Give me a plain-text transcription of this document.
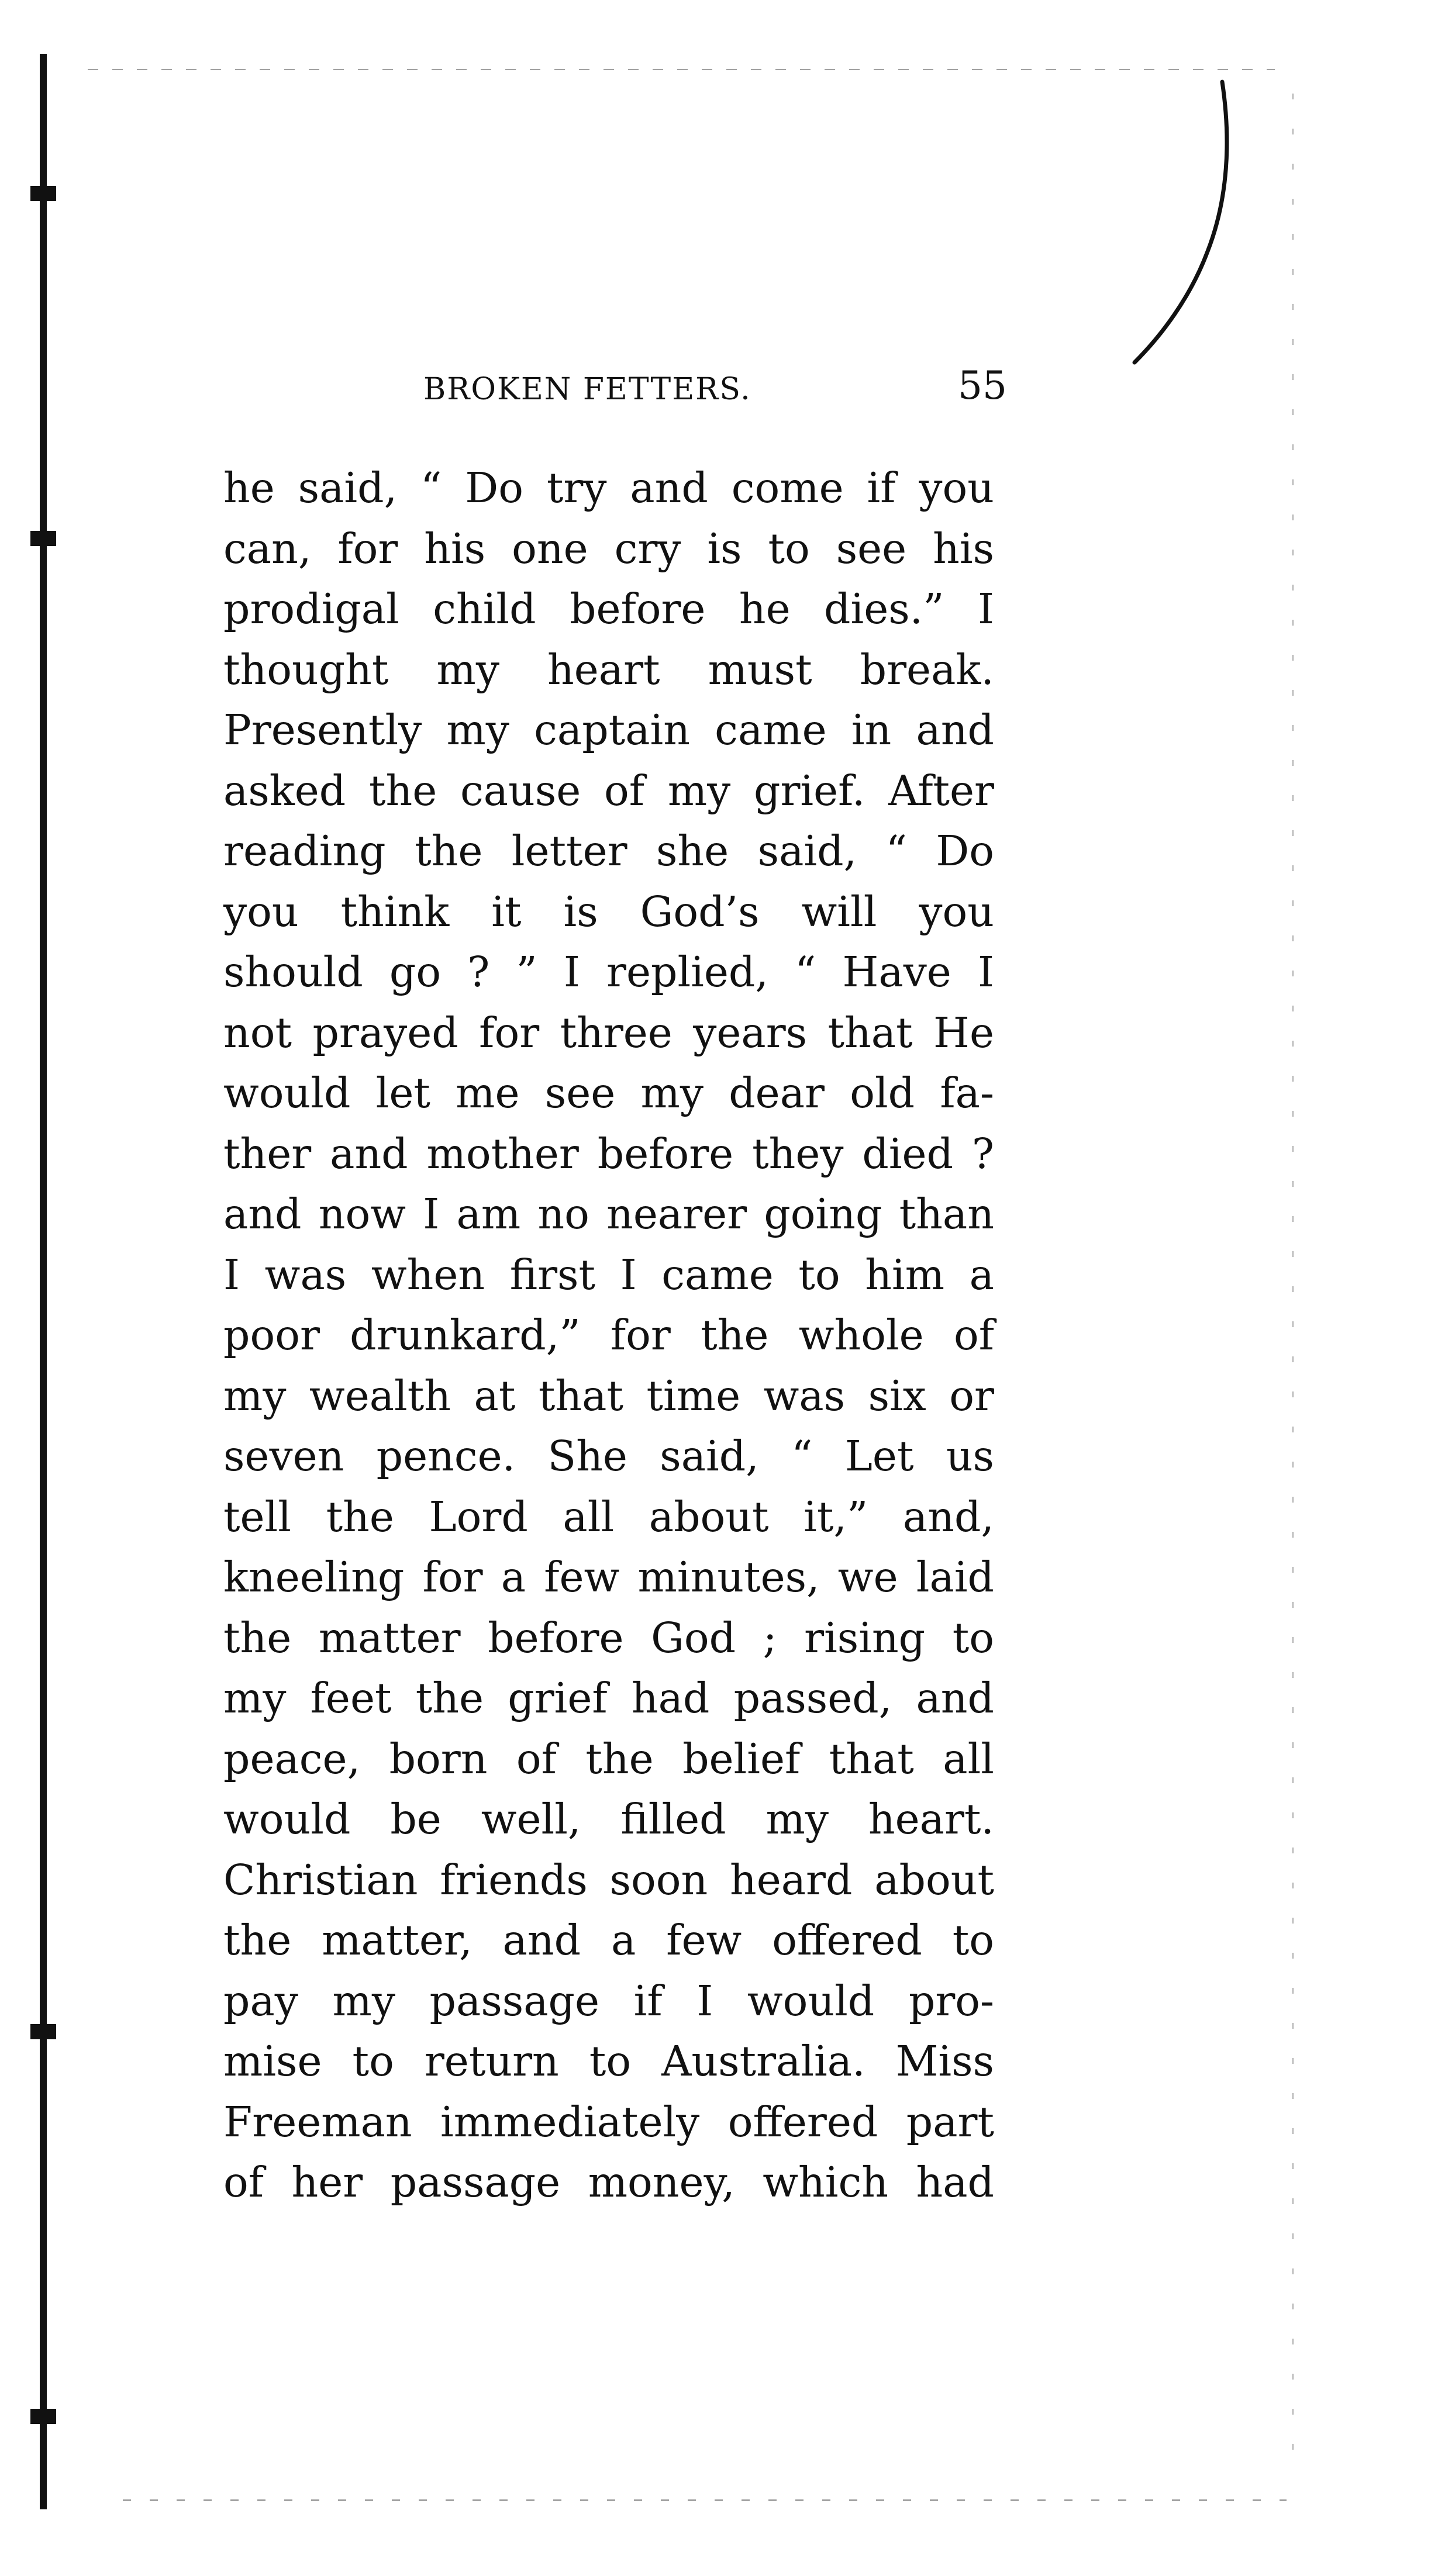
BROKEN FETTERS.	55
he said, “ Do try and come if you
can, for his one cry is to see his
prodigal child before he dies.” I
thought my heart must break.
Presently my captain came in and
asked the cause of my grief. After
reading the letter she said, “ Do
you think it is God’s will you
should go ? ” I replied, “ Have I
not prayed for three years that He
would let me see my dear old fa-
ther and mother before they died ?
and now I am no nearer going than
I was when first I came to him a
poor drunkard,” for the whole of
my wealth at that time was six or
seven pence. She said, “ Let us
tell the Lord all about it,” and,
kneeling for a few minutes, we laid
the matter before God ; rising to
my feet the grief had passed, and
peace, born of the belief that all
would be well, filled my heart.
Christian friends soon heard about
the matter, and a few offered to
pay my passage if I would pro-
mise to return to Australia. Miss
Freeman immediately offered part
of her passage money, which had
